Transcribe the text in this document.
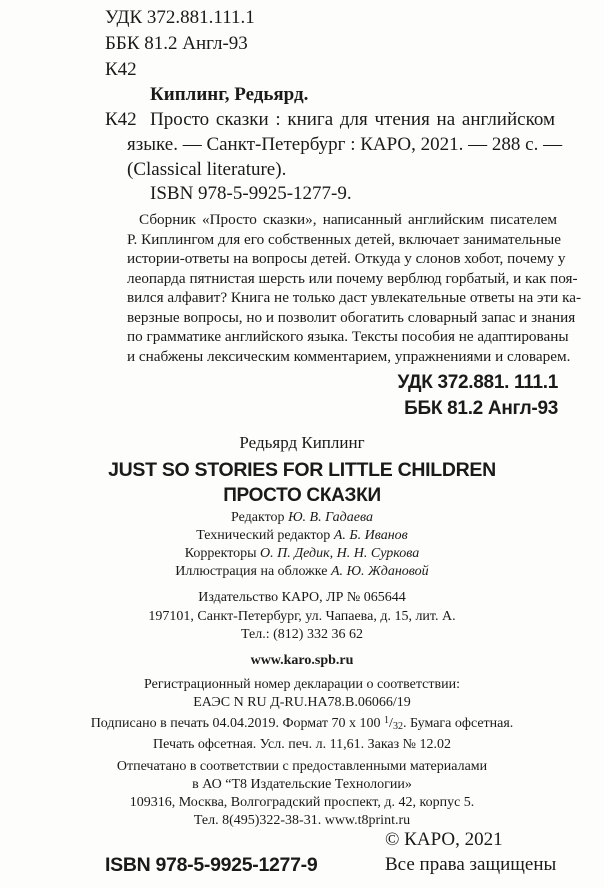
УДК 372.881.111.1
ББК 81.2 Англ-93
К42
Киплинг, Редьярд.
К42 Просто сказки : книга для чтения на английском
языке. — Санкт-Петербург : КАРО, 2021. — 288 с. —
(Classical literature).
ISBN 978-5-9925-1277-9.

Сборник «Просто сказки», написанный английским писателем

Р. Киплингом для его собственных детей, включает занимательные

истории-ответы на вопросы детей. Откуда у слонов хобот, почему у

леопарда пятнистая шерсть или почему верблюд горбатый, и как поя-

вился алфавит? Книга не только даст увлекательные ответы на эти ка-

верзные вопросы, но и позволит обогатить словарный запас и знания

по грамматике английского языка. Тексты пособия не адаптированы

и снабжены лексическим комментарием, упражнениями и словарем.

УДК 372.881. 111.1
ББК 81.2 Англ-93
Редьярд Киплинг
JUST SO STORIES FOR LITTLE CHILDREN
ПРОСТО СКАЗКИ
Редактор Ю. В. Гадаева
Технический редактор А. Б. Иванов
Корректоры О. П. Дедик, Н. Н. Суркова
Иллюстрация на обложке А. Ю. Ждановой
Издательство КАРО, ЛР № 065644
197101, Санкт-Петербург, ул. Чапаева, д. 15, лит. А.
Тел.: (812) 332 36 62
www.karo.spb.ru
Регистрационный номер декларации о соответствии:
ЕАЭС N RU Д-RU.HA78.B.06066/19
Подписано в печать 04.04.2019. Формат 70 x 100 $^1$/32. Бумага офсетная.
Печать офсетная. Усл. печ. л. 11,61. Заказ № 12.02
Отпечатано в соответствии с предоставленными материалами
в АО “Т8 Издательские Технологии»
109316, Москва, Волгоградский проспект, д. 42, корпус 5.
Тел. 8(495)322-38-31. www.t8print.ru
© КАРО, 2021
ISBN 978-5-9925-1277-9	Все права защищены
